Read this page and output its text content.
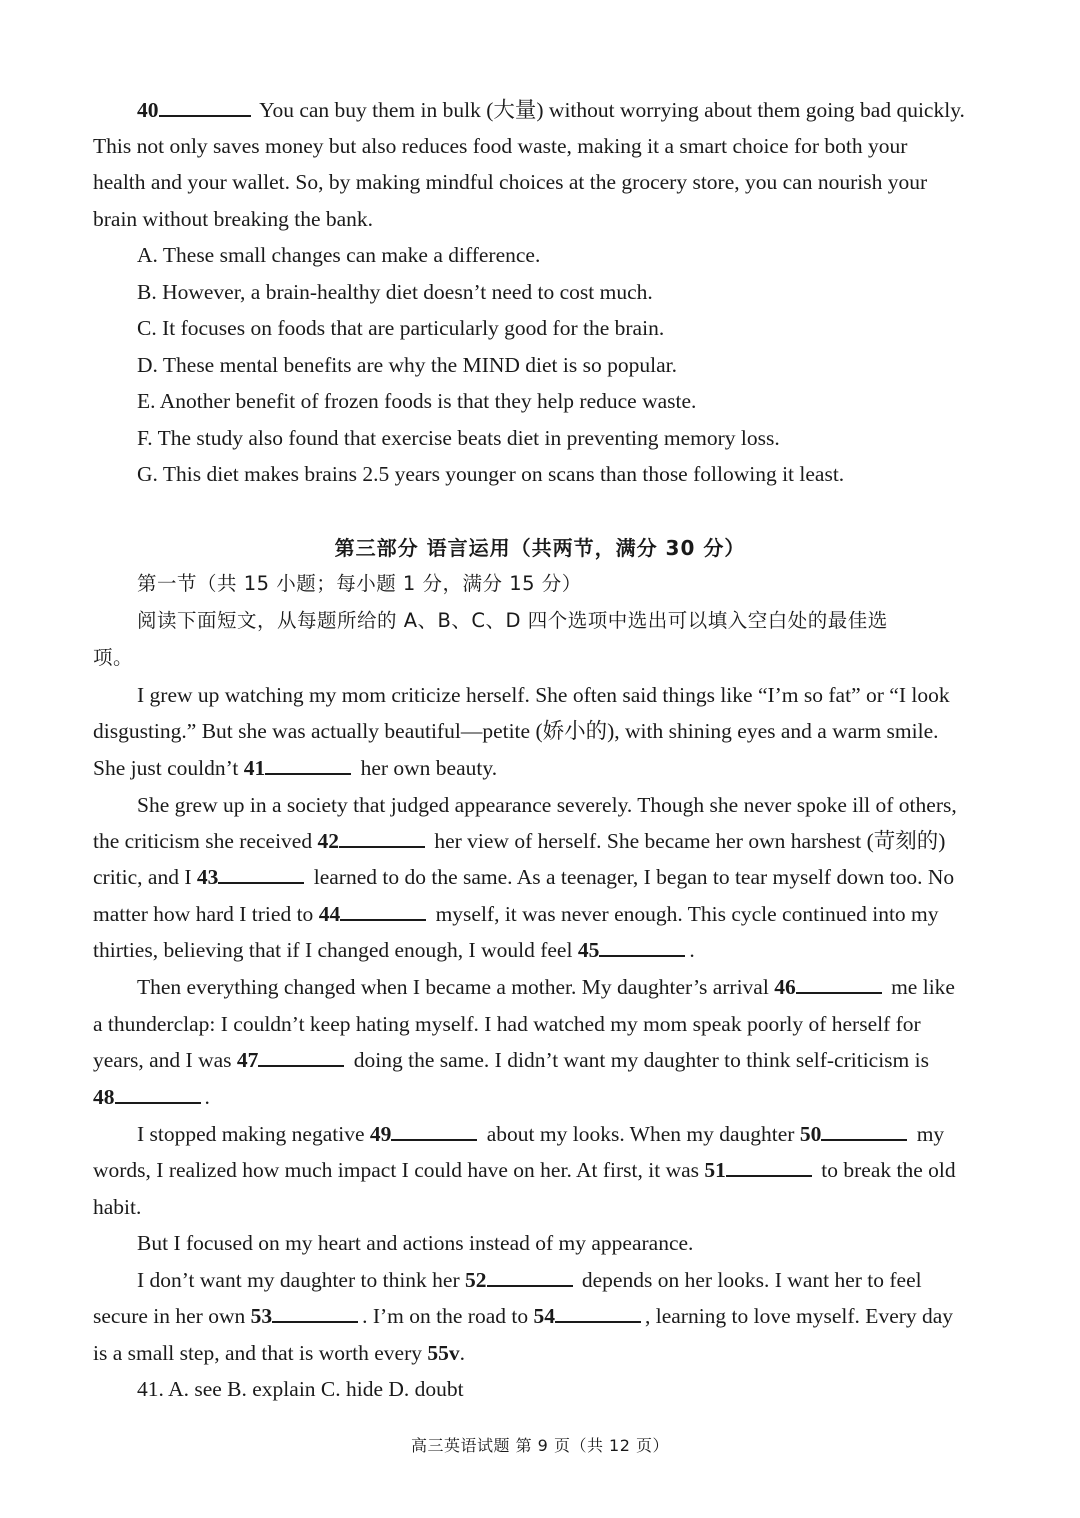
40	You can buy them in bulk (大量) without worrying about them going bad quickly.
This not only saves money but also reduces food waste, making it a smart choice for both your
health and your wallet. So, by making mindful choices at the grocery store, you can nourish your
brain without breaking the bank.
A. These small changes can make a difference.
B. However, a brain-healthy diet doesn’t need to cost much.
C. It focuses on foods that are particularly good for the brain.
D. These mental benefits are why the MIND diet is so popular.
E. Another benefit of frozen foods is that they help reduce waste.
F. The study also found that exercise beats diet in preventing memory loss.
G. This diet makes brains 2.5 years younger on scans than those following it least.
第三部分 语言运用（共两节，满分 30 分）
第一节（共 15 小题；每小题 1 分，满分 15 分）
阅读下面短文，从每题所给的 A、B、C、D 四个选项中选出可以填入空白处的最佳选
项。
I grew up watching my mom criticize herself. She often said things like “I’m so fat” or “I look
disgusting.” But she was actually beautiful—petite (娇小的), with shining eyes and a warm smile.
She just couldn’t 41	her own beauty.
She grew up in a society that judged appearance severely. Though she never spoke ill of others,
the criticism she received 42	her view of herself. She became her own harshest (苛刻的)
critic, and I 43	learned to do the same. As a teenager, I began to tear myself down too. No
matter how hard I tried to 44	myself, it was never enough. This cycle continued into my
thirties, believing that if I changed enough, I would feel 45	.
Then everything changed when I became a mother. My daughter’s arrival 46	me like
a thunderclap: I couldn’t keep hating myself. I had watched my mom speak poorly of herself for
years, and I was 47	doing the same. I didn’t want my daughter to think self-criticism is
48	.
I stopped making negative 49	about my looks. When my daughter 50	my
words, I realized how much impact I could have on her. At first, it was 51	to break the old
habit.
But I focused on my heart and actions instead of my appearance.
I don’t want my daughter to think her 52	depends on her looks. I want her to feel
secure in her own 53	. I’m on the road to 54	, learning to love myself. Every day
is a small step, and that is worth every 55v.
41. A. see B. explain C. hide D. doubt
高三英语试题 第 9 页（共 12 页）
